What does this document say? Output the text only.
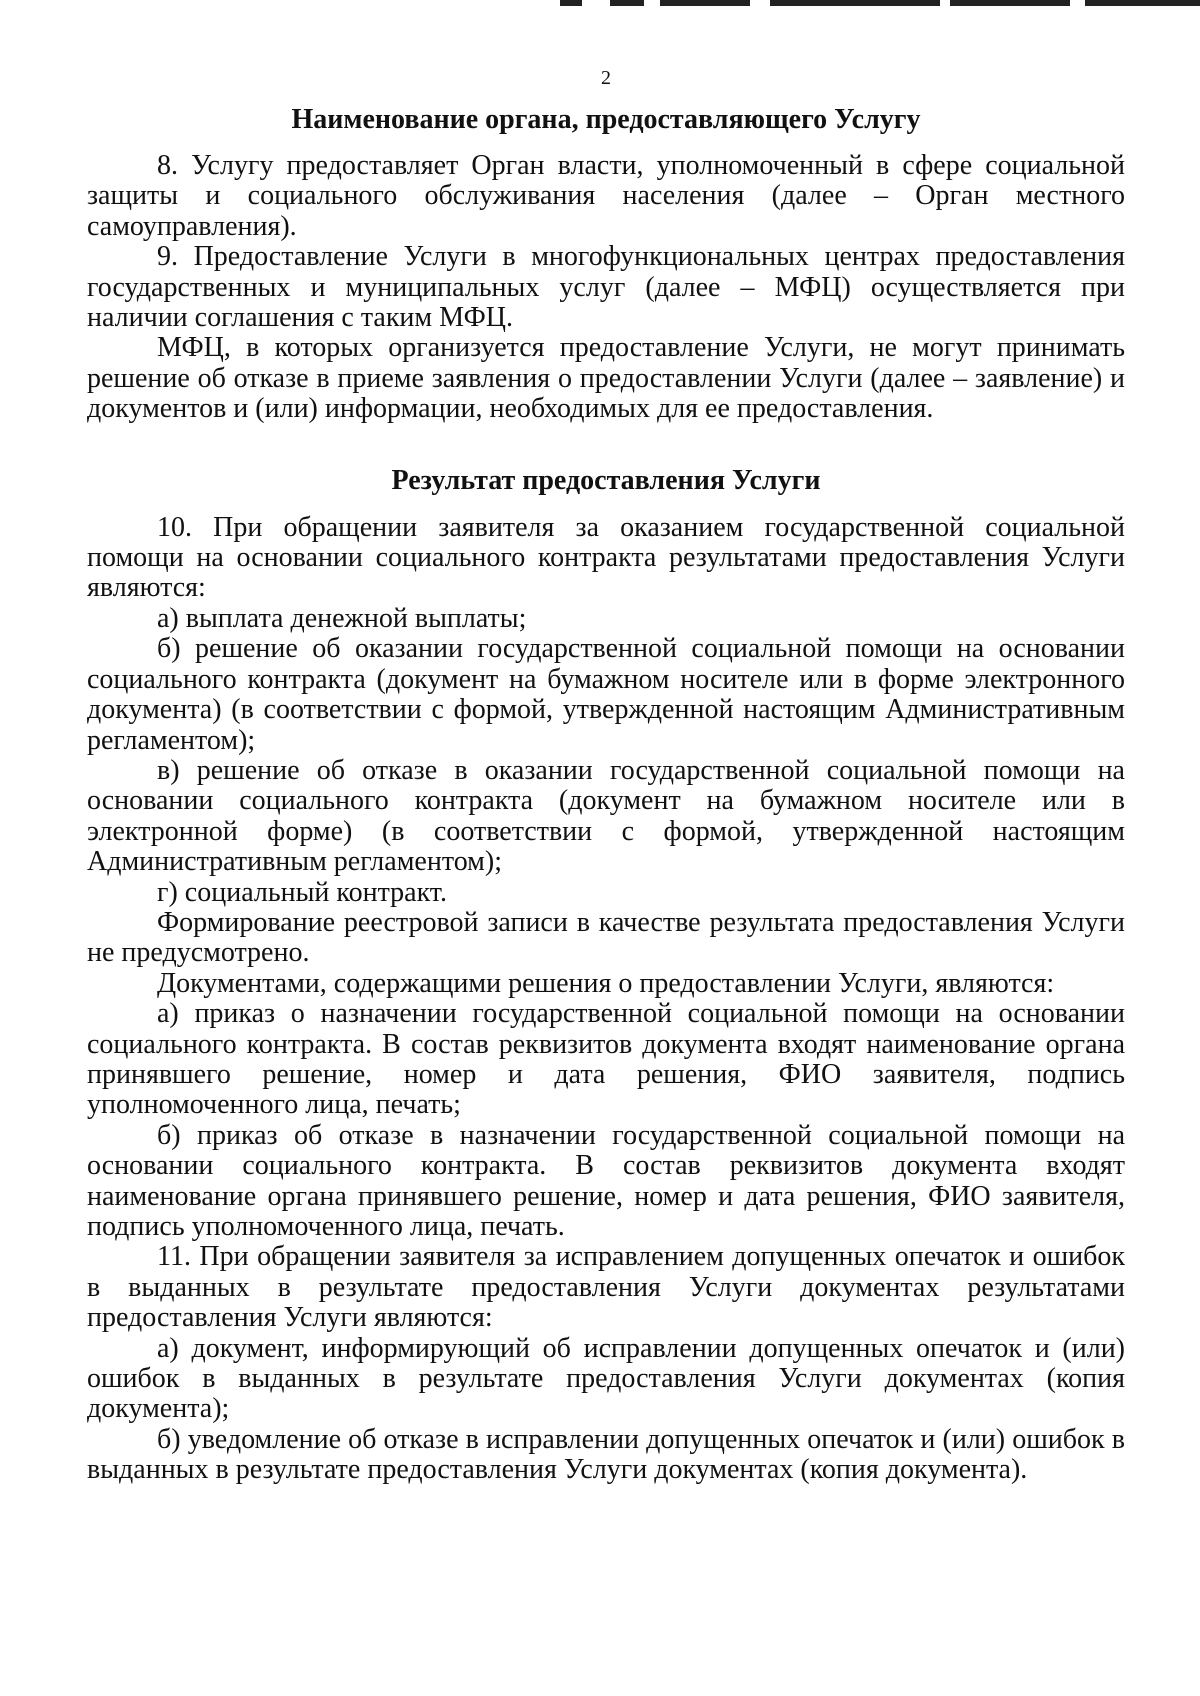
2
Наименование органа, предоставляющего Услугу

8. Услугу предоставляет Орган власти, уполномоченный в сфере социальной защиты и социального обслуживания населения (далее – Орган местного самоуправления).

9. Предоставление Услуги в многофункциональных центрах предоставления государственных и муниципальных услуг (далее – МФЦ) осуществляется при наличии соглашения с таким МФЦ.

МФЦ, в которых организуется предоставление Услуги, не могут принимать решение об отказе в приеме заявления о предоставлении Услуги (далее – заявление) и документов и (или) информации, необходимых для ее предоставления.

Результат предоставления Услуги

10. При обращении заявителя за оказанием государственной социальной помощи на основании социального контракта результатами предоставления Услуги являются:

а) выплата денежной выплаты;

б) решение об оказании государственной социальной помощи на основании социального контракта (документ на бумажном носителе или в форме электронного документа) (в соответствии с формой, утвержденной настоящим Административным регламентом);

в) решение об отказе в оказании государственной социальной помощи на основании социального контракта (документ на бумажном носителе или в электронной форме) (в соответствии с формой, утвержденной настоящим Административным регламентом);

г) социальный контракт.

Формирование реестровой записи в качестве результата предоставления Услуги не предусмотрено.

Документами, содержащими решения о предоставлении Услуги, являются:

а) приказ о назначении государственной социальной помощи на основании социального контракта. В состав реквизитов документа входят наименование органа принявшего решение, номер и дата решения, ФИО заявителя, подпись уполномоченного лица, печать;

б) приказ об отказе в назначении государственной социальной помощи на основании социального контракта. В состав реквизитов документа входят наименование органа принявшего решение, номер и дата решения, ФИО заявителя, подпись уполномоченного лица, печать.

11. При обращении заявителя за исправлением допущенных опечаток и ошибок в выданных в результате предоставления Услуги документах результатами предоставления Услуги являются:

а) документ, информирующий об исправлении допущенных опечаток и (или) ошибок в выданных в результате предоставления Услуги документах (копия документа);

б) уведомление об отказе в исправлении допущенных опечаток и (или) ошибок в выданных в результате предоставления Услуги документах (копия документа).
